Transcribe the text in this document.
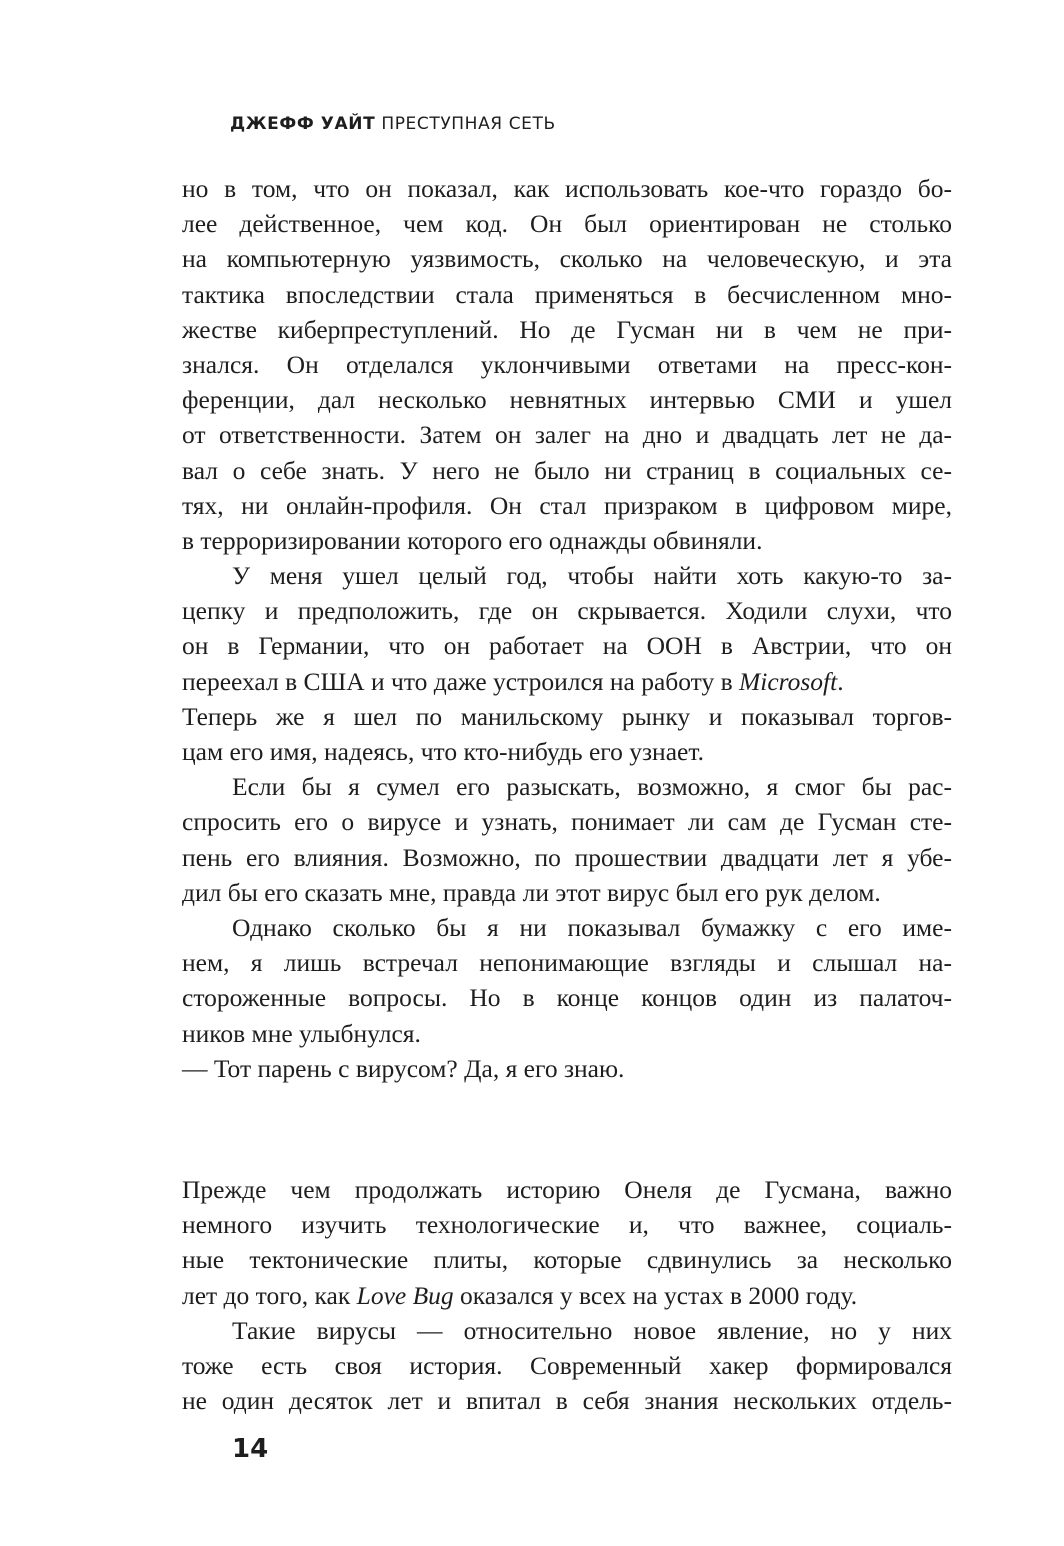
ДЖЕФФ УАЙТ ПРЕСТУПНАЯ СЕТЬ
но в том, что он показал, как использовать кое-что гораздо бо-
лее действенное, чем код. Он был ориентирован не столько
на компьютерную уязвимость, сколько на человеческую, и эта
тактика впоследствии стала применяться в бесчисленном мно-
жестве киберпреступлений. Но де Гусман ни в чем не при-
знался. Он отделался уклончивыми ответами на пресс-кон-
ференции, дал несколько невнятных интервью СМИ и ушел
от ответственности. Затем он залег на дно и двадцать лет не да-
вал о себе знать. У него не было ни страниц в социальных се-
тях, ни онлайн-профиля. Он стал призраком в цифровом мире,
в терроризировании которого его однажды обвиняли.
У меня ушел целый год, чтобы найти хоть какую-то за-
цепку и предположить, где он скрывается. Ходили слухи, что
он в Германии, что он работает на ООН в Австрии, что он
переехал в США и что даже устроился на работу в Microsoft.
Теперь же я шел по манильскому рынку и показывал торгов-
цам его имя, надеясь, что кто-нибудь его узнает.
Если бы я сумел его разыскать, возможно, я смог бы рас-
спросить его о вирусе и узнать, понимает ли сам де Гусман сте-
пень его влияния. Возможно, по прошествии двадцати лет я убе-
дил бы его сказать мне, правда ли этот вирус был его рук делом.
Однако сколько бы я ни показывал бумажку с его име-
нем, я лишь встречал непонимающие взгляды и слышал на-
стороженные вопросы. Но в конце концов один из палаточ-
ников мне улыбнулся.
— Тот парень с вирусом? Да, я его знаю.
Прежде чем продолжать историю Онеля де Гусмана, важно
немного изучить технологические и, что важнее, социаль-
ные тектонические плиты, которые сдвинулись за несколько
лет до того, как Love Bug оказался у всех на устах в 2000 году.
Такие вирусы — относительно новое явление, но у них
тоже есть своя история. Современный хакер формировался
не один десяток лет и впитал в себя знания нескольких отдель-
14
